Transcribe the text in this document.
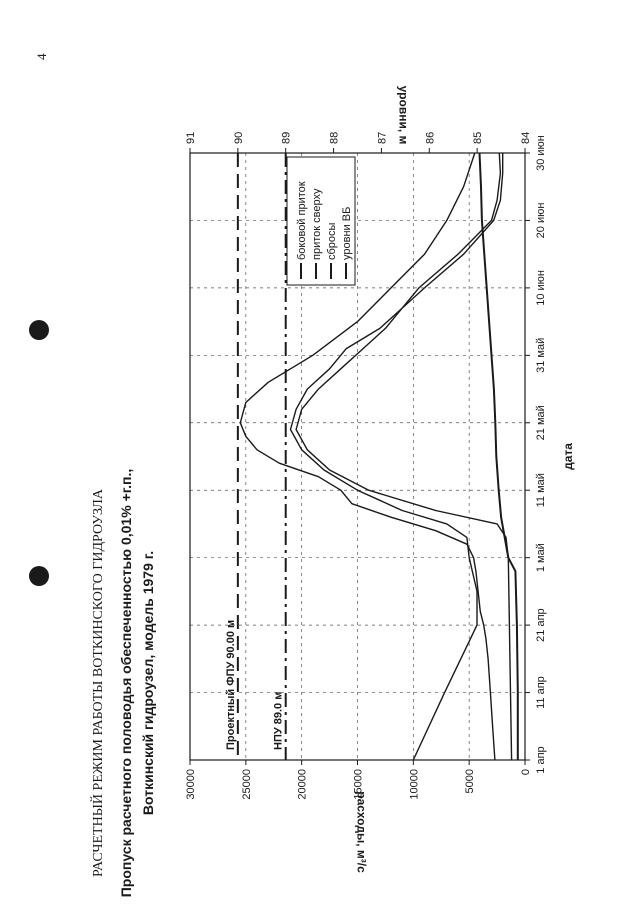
4
РАСЧЕТНЫЙ РЕЖИМ РАБОТЫ ВОТКИНСКОГО ГИДРОУЗЛА Пропуск расчетного половодья обеспеченностью 0,01% +г.п., Воткинский гидроузел, модель 1979 г.	Проектный ФПУ 90.00 м	НПУ 89.0 м
1 апр
11 апр
21 апр
1 май
11 май
21 май
31 май
10 июн
20 июн
30 июн
0
5000
10000
15000
20000
25000
30000
84
85
86
87
88
89
90
91
дата
расходы, м³/с
уровни, м
боковой приток приток сверху сбросы уровни ВБ
